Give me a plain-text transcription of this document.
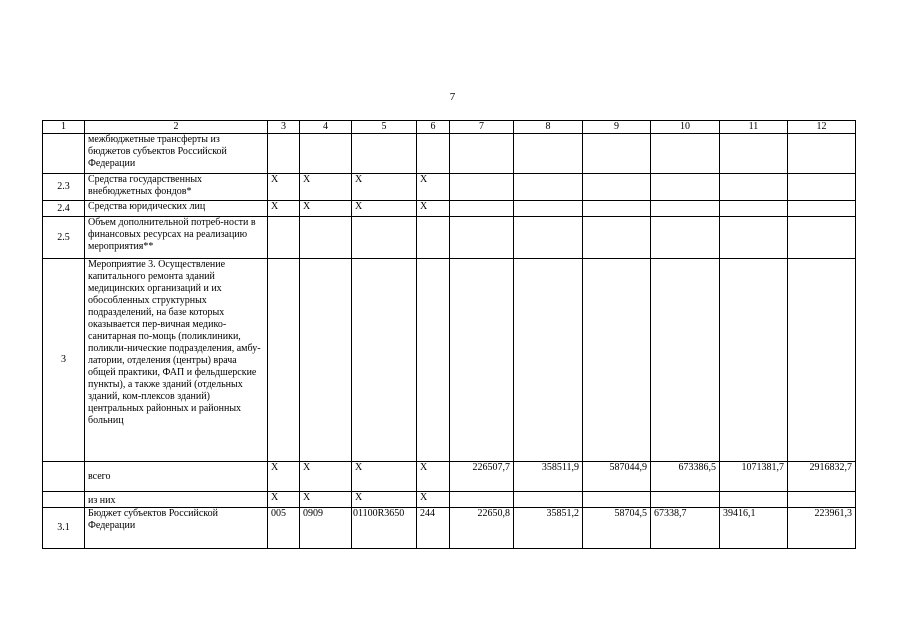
7
1	2	3	4	5	6	7	8	9	10	11	12
	межбюджетные трансферты из бюджетов субъектов Российской Федерации										
2.3	Средства государственных внебюджетных фондов*	X	X	X	X						
2.4	Средства юридических лиц	X	X	X	X						
2.5	Объем дополнительной потреб-ности в финансовых ресурсах на реализацию мероприятия**										
3	Мероприятие 3. Осуществление капитального ремонта зданий медицинских организаций и их обособленных структурных подразделений, на базе которых оказывается пер-вичная медико-санитарная по-мощь (поликлиники, поликли-нические подразделения, амбу-латории, отделения (центры) врача общей практики, ФАП и фельдшерские пункты), а также зданий (отдельных зданий, ком-плексов зданий) центральных районных и районных больниц										
	всего	X	X	X	X	226507,7	358511,9	587044,9	673386,5	1071381,7	2916832,7
	из них	X	X	X	X						
3.1	Бюджет субъектов Российской Федерации	005	0909	01100R3650	244	22650,8	35851,2	58704,5	67338,7	39416,1	223961,3
